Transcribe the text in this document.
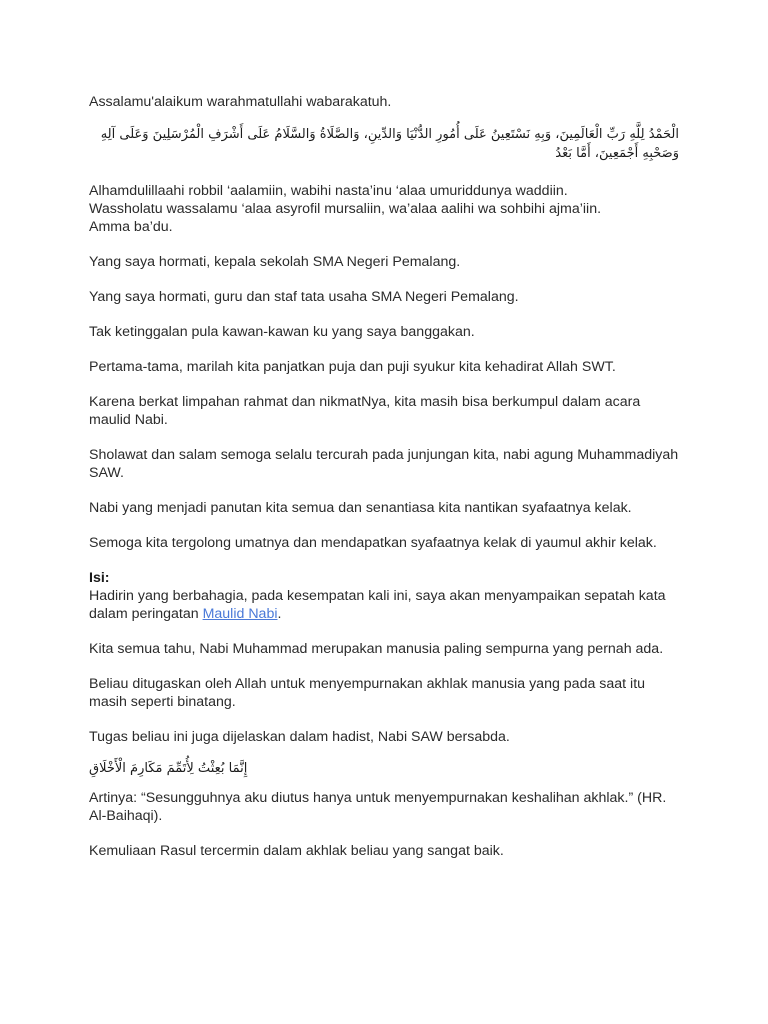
Assalamu'alaikum warahmatullahi wabarakatuh.

الْحَمْدُ لِلَّهِ رَبِّ الْعَالَمِينَ، وَبِهِ نَسْتَعِينُ عَلَى أُمُورِ الدُّنْيَا وَالدِّينِ، وَالصَّلَاةُ وَالسَّلَامُ عَلَى أَشْرَفِ الْمُرْسَلِينَ وَعَلَى آلِهِ وَصَحْبِهِ أَجْمَعِينَ، أَمَّا بَعْدُ

Alhamdulillaahi robbil ‘aalamiin, wabihi nasta’inu ‘alaa umuriddunya waddiin.
Wassholatu wassalamu ‘alaa asyrofil mursaliin, wa’alaa aalihi wa sohbihi ajma’iin.
Amma ba’du.

Yang saya hormati, kepala sekolah SMA Negeri Pemalang.

Yang saya hormati, guru dan staf tata usaha SMA Negeri Pemalang.

Tak ketinggalan pula kawan-kawan ku yang saya banggakan.

Pertama-tama, marilah kita panjatkan puja dan puji syukur kita kehadirat Allah SWT.

Karena berkat limpahan rahmat dan nikmatNya, kita masih bisa berkumpul dalam acara maulid Nabi.

Sholawat dan salam semoga selalu tercurah pada junjungan kita, nabi agung Muhammadiyah SAW.

Nabi yang menjadi panutan kita semua dan senantiasa kita nantikan syafaatnya kelak.

Semoga kita tergolong umatnya dan mendapatkan syafaatnya kelak di yaumul akhir kelak.

Isi:
Hadirin yang berbahagia, pada kesempatan kali ini, saya akan menyampaikan sepatah kata dalam peringatan Maulid Nabi.

Kita semua tahu, Nabi Muhammad merupakan manusia paling sempurna yang pernah ada.

Beliau ditugaskan oleh Allah untuk menyempurnakan akhlak manusia yang pada saat itu masih seperti binatang.

Tugas beliau ini juga dijelaskan dalam hadist, Nabi SAW bersabda.

إِنَّمَا بُعِثْتُ لِأُتَمِّمَ مَكَارِمَ الْأَخْلَاقِ

Artinya: “Sesungguhnya aku diutus hanya untuk menyempurnakan keshalihan akhlak.” (HR. Al-Baihaqi).

Kemuliaan Rasul tercermin dalam akhlak beliau yang sangat baik.
